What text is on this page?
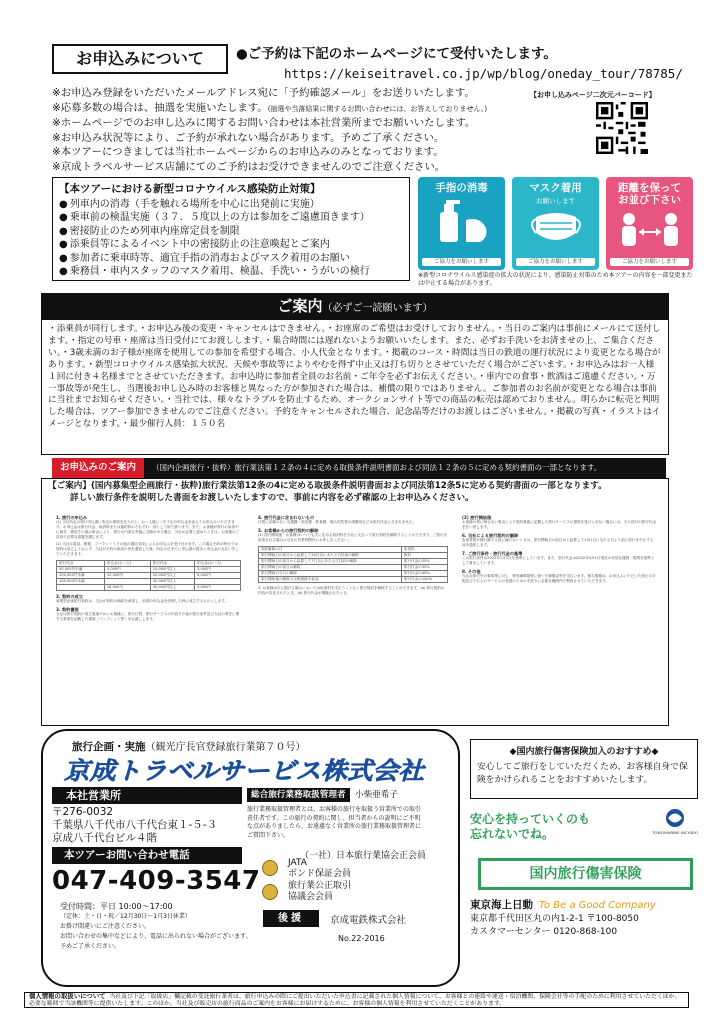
お申込みについて	●ご予約は下記のホームページにて受付いたします。
https://keiseitravel.co.jp/wp/blog/oneday_tour/78785/
※お申込み登録をいただいたメールアドレス宛に「予約確認メール」をお送りいたします。
※応募多数の場合は、抽選を実施いたします。(抽選や当落結果に関するお問い合わせには、お答えしておりません。)
※ホームページでのお申し込みに関するお問い合わせは本社営業所までお願いいたします。
※お申込み状況等により、ご予約が承れない場合があります。予めご了承ください。
※本ツアーにつきましては当社ホームページからのお申込みのみとなっております。
※京成トラベルサービス店舗にてのご予約はお受けできませんのでご注意ください。
【お申し込みページ二次元バーコード】
【本ツアーにおける新型コロナウイルス感染防止対策】
● 列車内の消毒（手を触れる場所を中心に出発前に実施）
● 乗車前の検温実施（３７．５度以上の方は参加をご遠慮頂きます）
● 密接防止のため列車内座席定員を制限
● 添乗員等によるイベント中の密接防止の注意喚起とご案内
● 参加者に乗車時等、適宜手指の消毒およびマスク着用のお願い
● 乗務員・車内スタッフのマスク着用、検温、手洗い・うがいの検行
手指の消毒
ご協力をお願いします
マスク着用
お願いします
ご協力をお願いします
距離を保って
お並び下さい
ご協力をお願いします
※新型コロナウイルス感染症の拡大の状況により、感染防止対策のため本ツアーの内容を一部変更または中止する場合があります。
ご案内（必ずご一読願います）
・添乗員が同行します。・お申込み後の変更・キャンセルはできません。・お座席のご希望はお受けしておりません。・当日のご案内は事前にメールにて送付します。・指定の号車・座席は当日受付にてお渡しします。・集合時間には遅れないようお願いいたします。また、必ずお手洗いをお済ませの上、ご集合ください。・3歳未満のお子様が座席を使用しての参加を希望する場合、小人代金となります。・掲載のコース・時間は当日の鉄道の運行状況により変更となる場合があります。・新型コロナウイルス感染拡大状況、天候や事故等によりやむを得ず中止又は打ち切りとさせていただく場合がございます。・お申込みはお一人様１回に付き４名様までとさせていただきます。お申込時に参加者全員のお名前・ご年令を必ずお伝えください。・車内での食事・飲酒はご遠慮ください。・万一事故等が発生し、当選後お申し込み時のお客様と異なった方が参加された場合は、補償の限りではありません。ご参加者のお名前が変更となる場合は事前に当社までお知らせください。・当社では、様々なトラブルを防止するため、オークションサイト等での商品の転売は認めておりません。明らかに転売と判明した場合は、ツアー参加できませんのでご注意ください。予約をキャンセルされた場合、記念品等だけのお渡しはございません。・掲載の写真・イラストはイメージとなります。・最少催行人員：１５０名
お申込みのご案内 （国内企画旅行・抜粋）旅行業法第１２条の４に定める取扱条件説明書面および同法１２条の５に定める契約書面の一部となります。
【ご案内】(国内募集型企画旅行・抜粋)旅行業法第12条の4に定める取扱条件説明書面および同法第12条5に定める契約書面の一部となります。
詳しい旅行条件を説明した書面をお渡しいたしますので、事前に内容を必ず確認の上お申込みください。
1. 旅行の申込み

(1) 当社所定の旅行申込書に所定の事項を記入の上、お一人様につき下記の申込金を添えてお申込みいただきます。お申込金は旅行代金、取消料または違約料のそれぞれ一部として取り扱います。また、お客様が旅行の参加中に病気、障害その他の事由により、旅行の円滑な実施に支障がある場合、当社が必要と認めたときは、お客様のご負担で必要な措置を講じます。

(2) 当社は電話、郵便、ファクシミリその他の通信手段によるお申込みを受け付けます。この場合予約の時点では契約は成立しておらず、当社が予約の承諾の旨を通知した後、所定の日までに申込書の提出と申込金の支払いをしていただきます。

旅行代金	申込金(お一人)	旅行代金	申込金(お一人)
50,000円未満	5,000円	10,000円以上	3,000円
100,000円未満	10,000円	20,000円以上	6,000円
150,000円未満		30,000円以上	
	18,000円	30,000円以上	5,000円
2. 契約の成立

募集型企画旅行契約は、当社が契約の締結を承諾し、前項の申込金を受理した時に成立するものとします。

3. 契約書面

当社は旅行契約の成立後速やかにお客様に、旅行日程、旅行サービスの内容その他の旅行条件及び当社の責任に関する事項を記載した書面（パンフレット等）をお渡しします。

4. 旅行代金に含まれないもの

日程に記載のない交通費・宿泊費・飲食費、個人的性質の諸費用などは旅行代金に含まれません。

5. お客様からの旅行契約の解除

(1) 旅行開始後：お客様はいつでも次に定める取消料を当社に支払って旅行契約を解除することができます。ご旅行を取消される場合は当社の営業時間内にお申し出ください。

契約解除の日	取消料
旅行開始日の前日から起算して20日目にあたる日以前の解除	無料
旅行開始日の前日から起算して7日目にあたる日以前の解除	旅行代金の20%
旅行開始日の前日の解除	旅行代金の30%
旅行開始日当日の解除	旅行代金の40%
旅行開始後の解除又は無連絡不参加	旅行代金の100%

2. お客様は次に掲げる場合においては取消料を支払うことなく旅行契約を解除することができます。(a) 旅行契約の内容が変更されたとき。(b) 旅行代金が増額されたとき。

(2) 旅行開始後

お客様の責に帰さない事由により契約書面に記載した旅行サービスの提供を受けられない場合には、その部分の旅行代金を払い戻します。

6. 当社による旅行契約の解除

参加者数が催行最少人員に満たないときは、旅行開始日の前日から起算して13日目に当たる日より前に旅行を中止する旨を通知します。

7. ご旅行条件・旅行代金の基準

この旅行条件は2022年1月1日を基準としています。また、旅行代金は2022年4月1日現在の有効な運賃・規則を基準として算出しています。

8. その他

当社は旅行中の事故等に対し、特別補償規程に基づき補償金等を支払います。個人情報は、お申込みいただいた旅行の手配及びそれらのサービスの受領のための手続きに必要な範囲内で利用させていただきます。

旅行企画・実施（観光庁長官登録旅行業第７０号）
京成トラベルサービス株式会社
本社営業所
〒276-0032
千葉県八千代市八千代台東１-５-３
京成八千代台ビル４階
本ツアーお問い合わせ電話
047-409-3547
受付時間：平日 10:00～17:00
（定休：土・日・祝／12月30日～1月3日休業）
お掛け間違いにご注意ください。
お問い合わせの集中などにより、電話に出られない場合がございます。
予めご了承ください。
総合旅行業務取扱管理者 小柴亜希子
旅行業務取扱管理者とは、お客様の旅行を取扱う営業所での取引責任者です。この旅行の契約に関し、担当者からの説明にご不明な点がありましたら、お遠慮なく営業所の旅行業務取扱管理者にご質問下さい。
（一社）日本旅行業協会正会員
JATA
ボンド保証会員
旅行業公正取引
協議会会員
後援	京成電鉄株式会社
No.22-2016
◆国内旅行傷害保険加入のおすすめ◆
安心してご旅行をしていただくため、お客様自身で保険をかけられることをおすすめいたします。
安心を持っていくのも
忘れないでね。	TOKIOMARINE NICHIDO
国内旅行傷害保険
東京海上日動 To Be a Good Company
東京都千代田区丸の内1-2-1 〒100-8050
カスタマーセンター 0120-868-100
個人情報の取扱いについて 当社及び下記「取扱店」欄記載の受託旅行業者は、旅行申込みの際にご提出いただいた申込書に記載された個人情報について、お客様との連絡や運送・宿泊機関、保険会社等の手配のために利用させていただくほか、必要な範囲で当該機関等に提供いたします。このほか、当社及び販売店の旅行商品のご案内をお客様にお届けするために、お客様の個人情報を利用させていただくことがあります。
